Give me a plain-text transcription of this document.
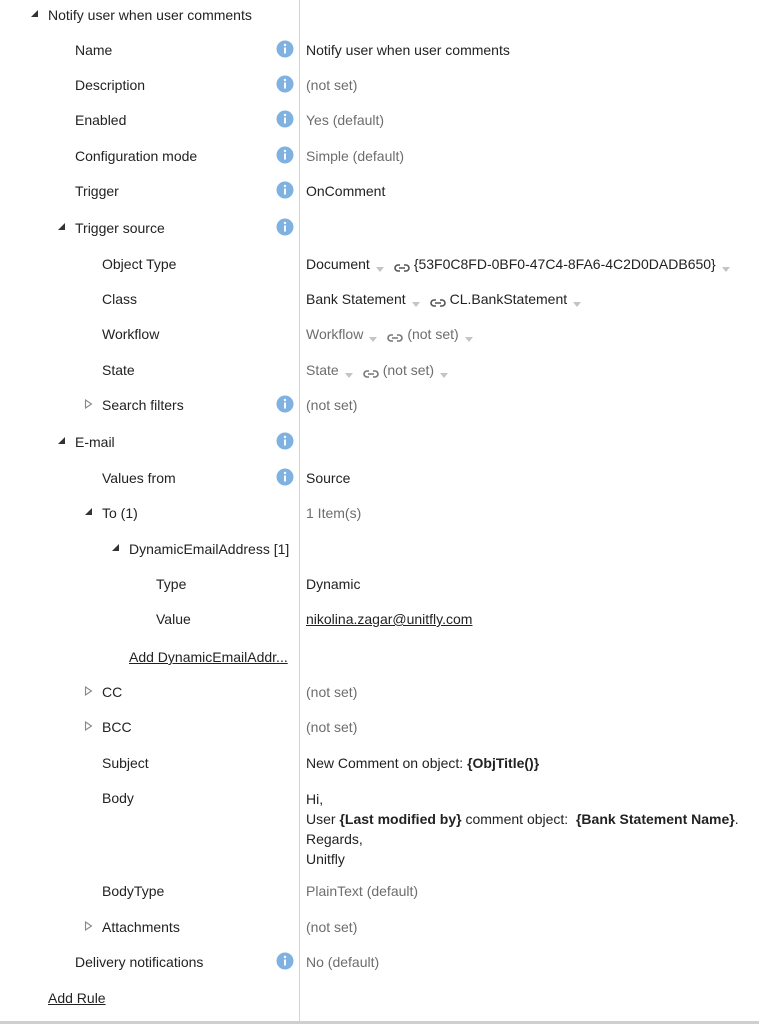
Notify user when user comments
Name	Notify user when user comments
Description	(not set)
Enabled	Yes (default)
Configuration mode	Simple (default)
Trigger	OnComment
Trigger source
Object Type	Document	{53F0C8FD-0BF0-47C4-8FA6-4C2D0DADB650}
Class	Bank Statement	CL.BankStatement
Workflow	Workflow	(not set)
State	State	(not set)
Search filters	(not set)
E-mail
Values from	Source
To (1)	1 Item(s)
DynamicEmailAddress [1]
Type	Dynamic
Value	nikolina.zagar@unitfly.com
Add DynamicEmailAddr...
CC	(not set)
BCC	(not set)
Subject	New Comment on object: {ObjTitle()}
Body	Hi,
User {Last modified by} comment object:  {Bank Statement Name}.
Regards,
Unitfly
BodyType	PlainText (default)
Attachments	(not set)
Delivery notifications	No (default)
Add Rule
